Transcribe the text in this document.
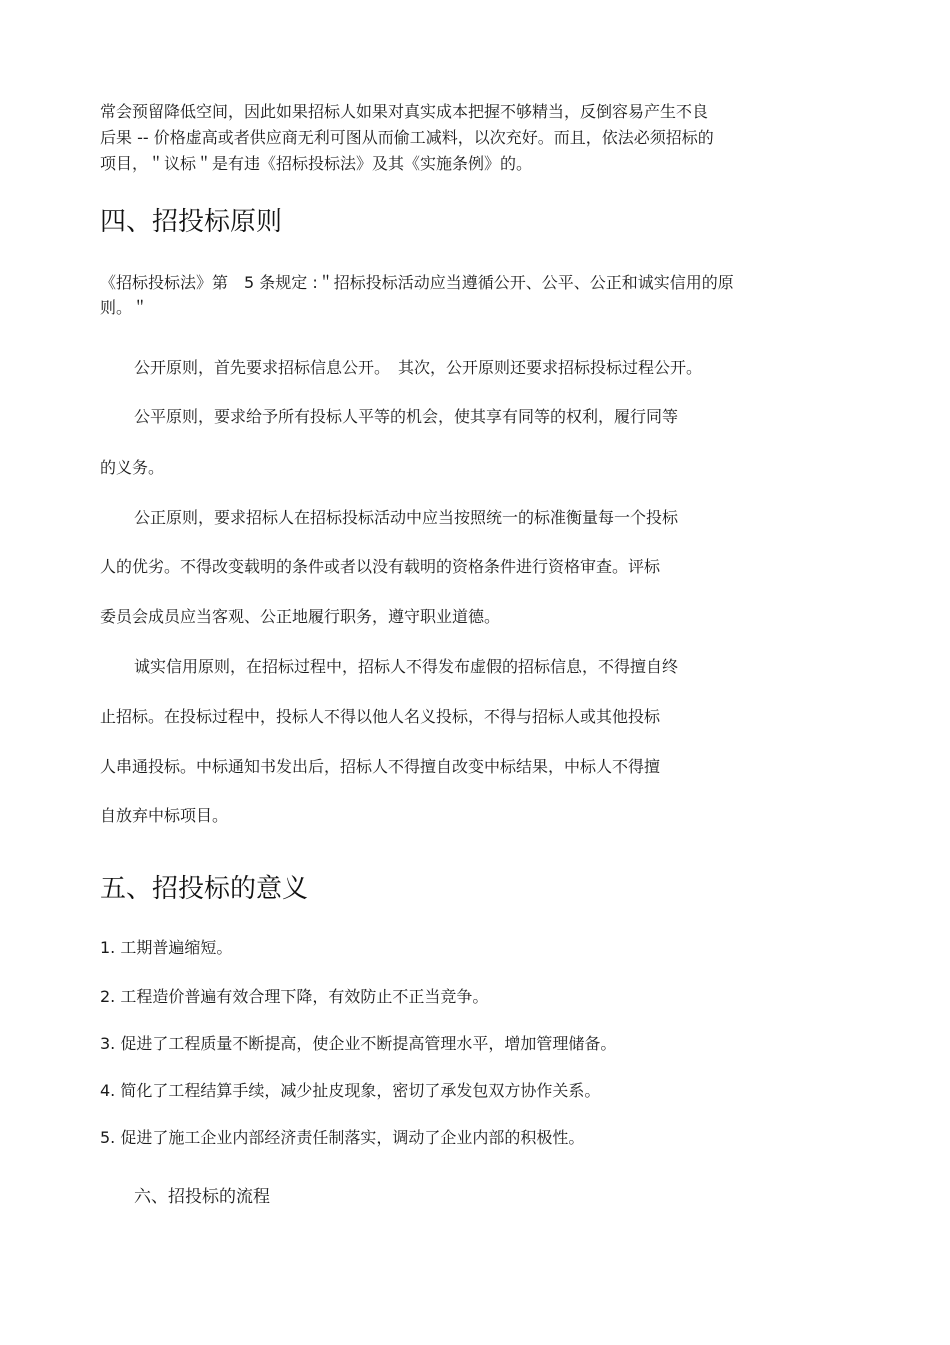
常会预留降低空间，因此如果招标人如果对真实成本把握不够精当，反倒容易产生不良
后果 -- 价格虚高或者供应商无利可图从而偷工减料，以次充好。而且，依法必须招标的
项目，＂议标＂是有违《招标投标法》及其《实施条例》的。
四、招投标原则
《招标投标法》第　5 条规定 :＂招标投标活动应当遵循公开、公平、公正和诚实信用的原
则。＂
公开原则，首先要求招标信息公开。　其次，公开原则还要求招标投标过程公开。
公平原则，要求给予所有投标人平等的机会，使其享有同等的权利，履行同等
的义务。
公正原则，要求招标人在招标投标活动中应当按照统一的标准衡量每一个投标
人的优劣。不得改变载明的条件或者以没有载明的资格条件进行资格审查。评标
委员会成员应当客观、公正地履行职务，遵守职业道德。
诚实信用原则，在招标过程中，招标人不得发布虚假的招标信息，不得擅自终
止招标。在投标过程中，投标人不得以他人名义投标，不得与招标人或其他投标
人串通投标。中标通知书发出后，招标人不得擅自改变中标结果，中标人不得擅
自放弃中标项目。
五、招投标的意义
1. 工期普遍缩短。
2. 工程造价普遍有效合理下降，有效防止不正当竞争。
3. 促进了工程质量不断提高，使企业不断提高管理水平，增加管理储备。
4. 简化了工程结算手续，减少扯皮现象，密切了承发包双方协作关系。
5. 促进了施工企业内部经济责任制落实，调动了企业内部的积极性。
六、招投标的流程
